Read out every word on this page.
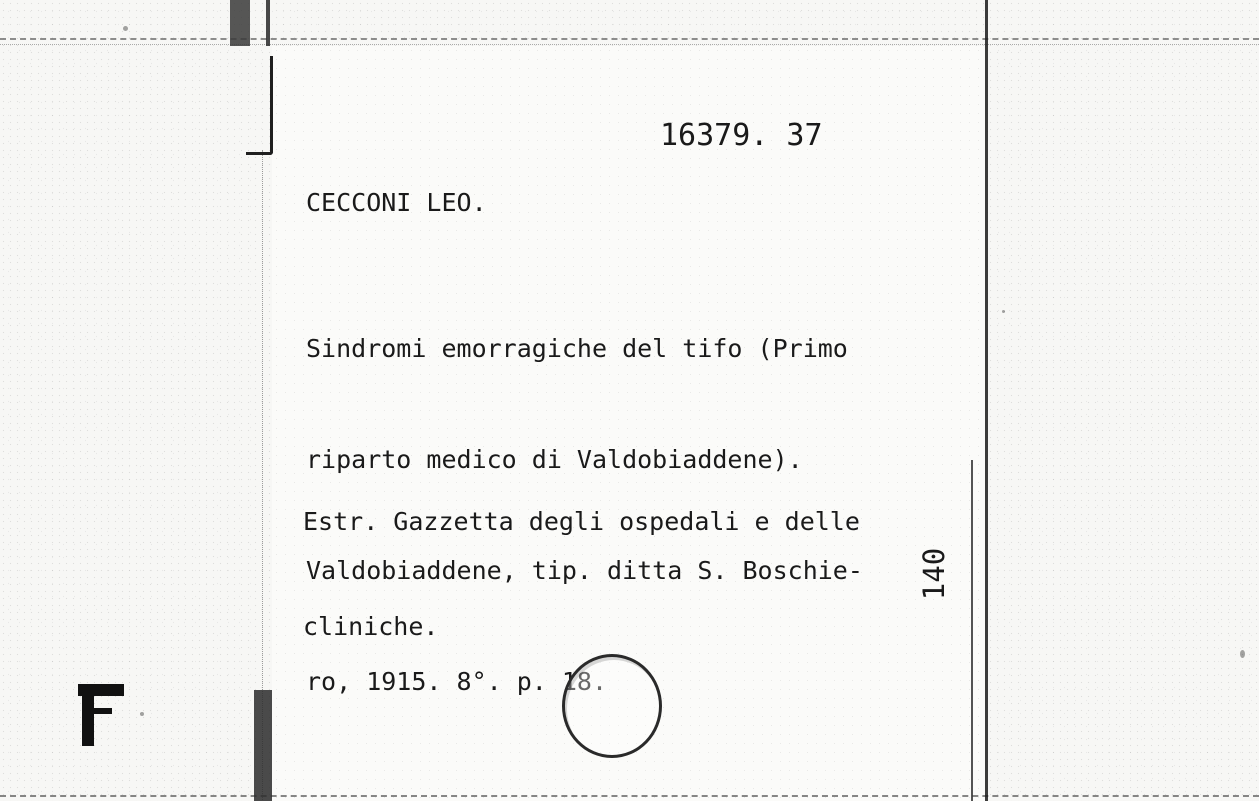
16379. 37
CECCONI LEO.

Sindromi emorragiche del tifo (Primo

riparto medico di Valdobiaddene).

Valdobiaddene, tip. ditta S. Boschie-

ro, 1915. 8°. p. 18.

Estr. Gazzetta degli ospedali e delle

cliniche.

140
